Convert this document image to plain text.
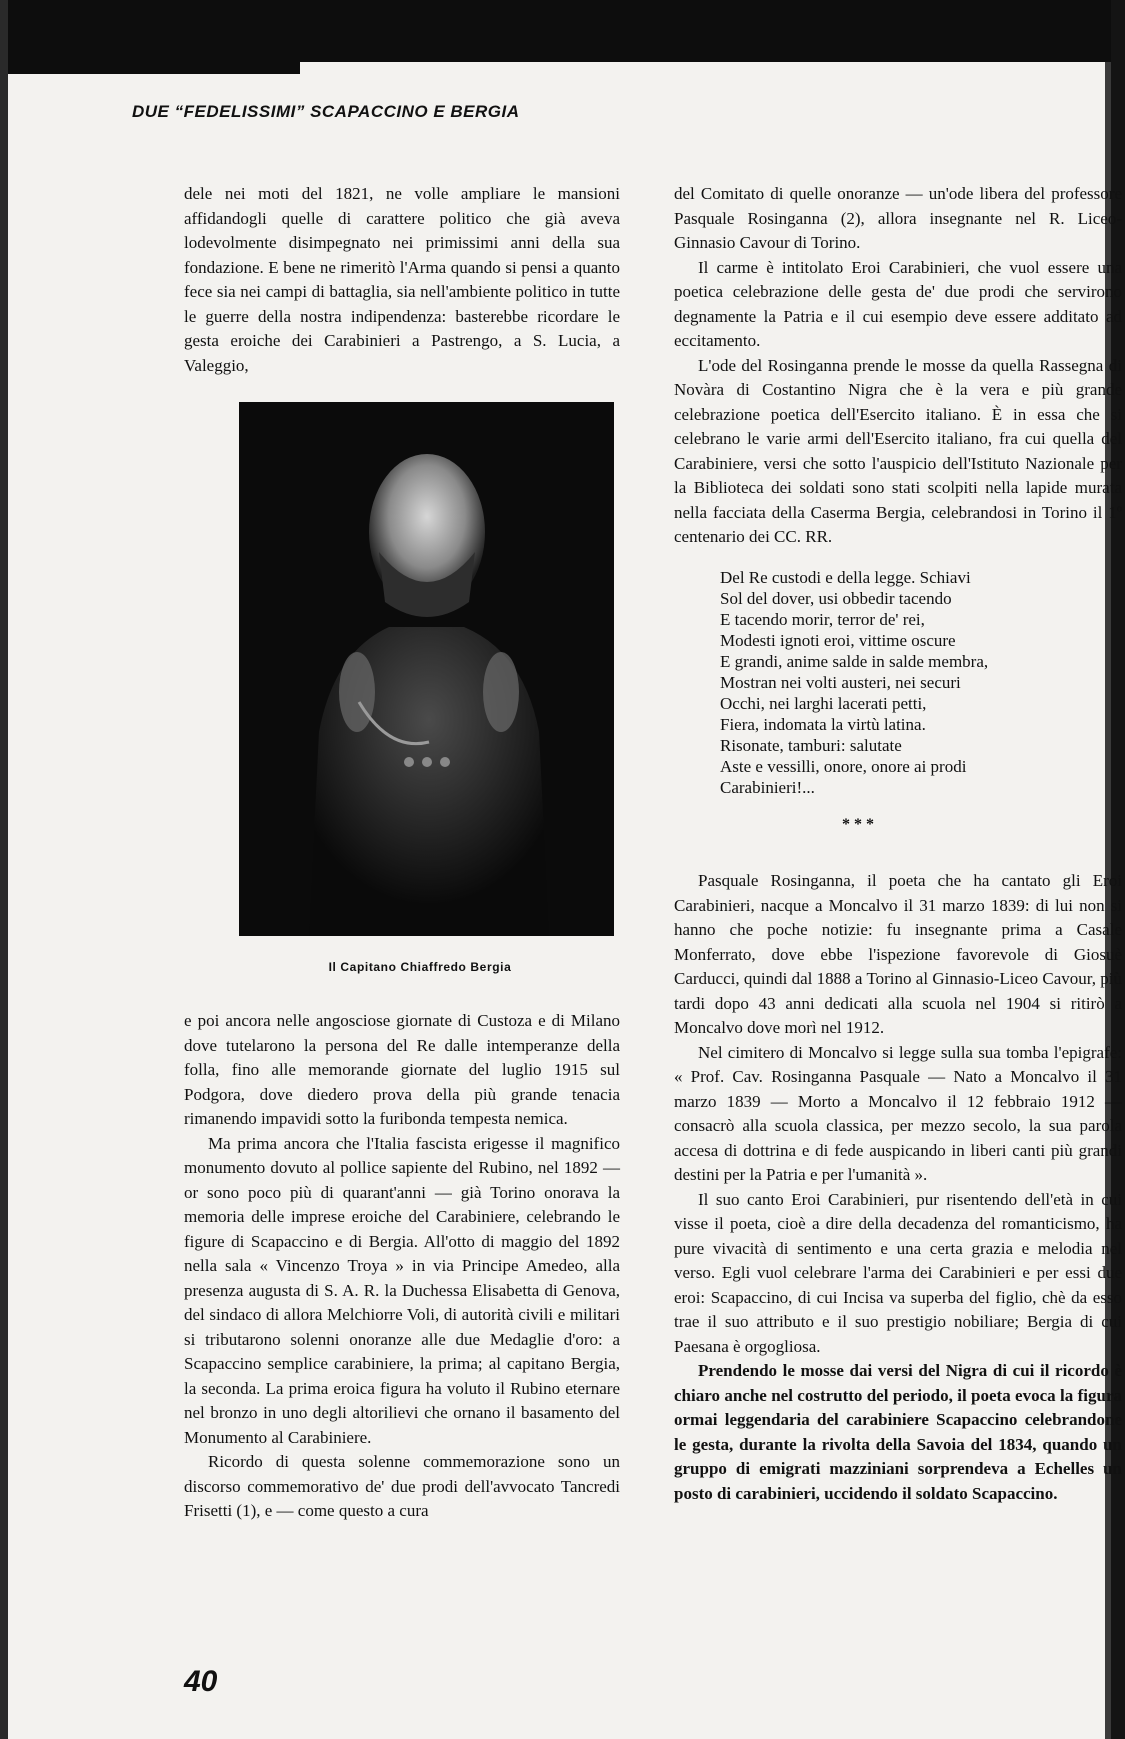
DUE “FEDELISSIMI” SCAPACCINO E BERGIA

dele nei moti del 1821, ne volle ampliare le mansioni affidandogli quelle di carattere politico che già aveva lodevolmente disimpegnato nei primissimi anni della sua fondazione. E bene ne rimeritò l'Arma quando si pensi a quanto fece sia nei campi di battaglia, sia nell'ambiente politico in tutte le guerre della nostra indipendenza: basterebbe ricordare le gesta eroiche dei Carabinieri a Pastrengo, a S. Lucia, a Valeggio,

Il Capitano Chiaffredo Bergia

e poi ancora nelle angosciose giornate di Custoza e di Milano dove tutelarono la persona del Re dalle intemperanze della folla, fino alle memorande giornate del luglio 1915 sul Podgora, dove diedero prova della più grande tenacia rimanendo impavidi sotto la furibonda tempesta nemica.

Ma prima ancora che l'Italia fascista erigesse il magnifico monumento dovuto al pollice sapiente del Rubino, nel 1892 — or sono poco più di quarant'anni — già Torino onorava la memoria delle imprese eroiche del Carabiniere, celebrando le figure di Scapaccino e di Bergia. All'otto di maggio del 1892 nella sala « Vincenzo Troya » in via Principe Amedeo, alla presenza augusta di S. A. R. la Duchessa Elisabetta di Genova, del sindaco di allora Melchiorre Voli, di autorità civili e militari si tributarono solenni onoranze alle due Medaglie d'oro: a Scapaccino semplice carabiniere, la prima; al capitano Bergia, la seconda. La prima eroica figura ha voluto il Rubino eternare nel bronzo in uno degli altorilievi che ornano il basamento del Monumento al Carabiniere.

Ricordo di questa solenne commemorazione sono un discorso commemorativo de' due prodi dell'avvocato Tancredi Frisetti (1), e — come questo a cura

del Comitato di quelle onoranze — un'ode libera del professore Pasquale Rosinganna (2), allora insegnante nel R. Liceo-Ginnasio Cavour di Torino.

Il carme è intitolato Eroi Carabinieri, che vuol essere una poetica celebrazione delle gesta de' due prodi che servirono degnamente la Patria e il cui esempio deve essere additato ad eccitamento.

L'ode del Rosinganna prende le mosse da quella Rassegna di Novàra di Costantino Nigra che è la vera e più grande celebrazione poetica dell'Esercito italiano. È in essa che si celebrano le varie armi dell'Esercito italiano, fra cui quella del Carabiniere, versi che sotto l'auspicio dell'Istituto Nazionale per la Biblioteca dei soldati sono stati scolpiti nella lapide murata nella facciata della Caserma Bergia, celebrandosi in Torino il 1º centenario dei CC. RR.

Del Re custodi e della legge. Schiavi
Sol del dover, usi obbedir tacendo
E tacendo morir, terror de' rei,
Modesti ignoti eroi, vittime oscure
E grandi, anime salde in salde membra,
Mostran nei volti austeri, nei securi
Occhi, nei larghi lacerati petti,
Fiera, indomata la virtù latina.
Risonate, tamburi: salutate
Aste e vessilli, onore, onore ai prodi
Carabinieri!...
***

Pasquale Rosinganna, il poeta che ha cantato gli Eroi Carabinieri, nacque a Moncalvo il 31 marzo 1839: di lui non si hanno che poche notizie: fu insegnante prima a Casale Monferrato, dove ebbe l'ispezione favorevole di Giosuè Carducci, quindi dal 1888 a Torino al Ginnasio-Liceo Cavour, più tardi dopo 43 anni dedicati alla scuola nel 1904 si ritirò a Moncalvo dove morì nel 1912.

Nel cimitero di Moncalvo si legge sulla sua tomba l'epigrafe: « Prof. Cav. Rosinganna Pasquale — Nato a Moncalvo il 31 marzo 1839 — Morto a Moncalvo il 12 febbraio 1912 — consacrò alla scuola classica, per mezzo secolo, la sua parola accesa di dottrina e di fede auspicando in liberi canti più grandi destini per la Patria e per l'umanità ».

Il suo canto Eroi Carabinieri, pur risentendo dell'età in cui visse il poeta, cioè a dire della decadenza del romanticismo, ha pure vivacità di sentimento e una certa grazia e melodia nel verso. Egli vuol celebrare l'arma dei Carabinieri e per essi due eroi: Scapaccino, di cui Incisa va superba del figlio, chè da esso trae il suo attributo e il suo prestigio nobiliare; Bergia di cui Paesana è orgogliosa.

Prendendo le mosse dai versi del Nigra di cui il ricordo è chiaro anche nel costrutto del periodo, il poeta evoca la figura ormai leggendaria del carabiniere Scapaccino celebrandone le gesta, durante la rivolta della Savoia del 1834, quando un gruppo di emigrati mazziniani sorprendeva a Echelles un posto di carabinieri, uccidendo il soldato Scapaccino.

40
